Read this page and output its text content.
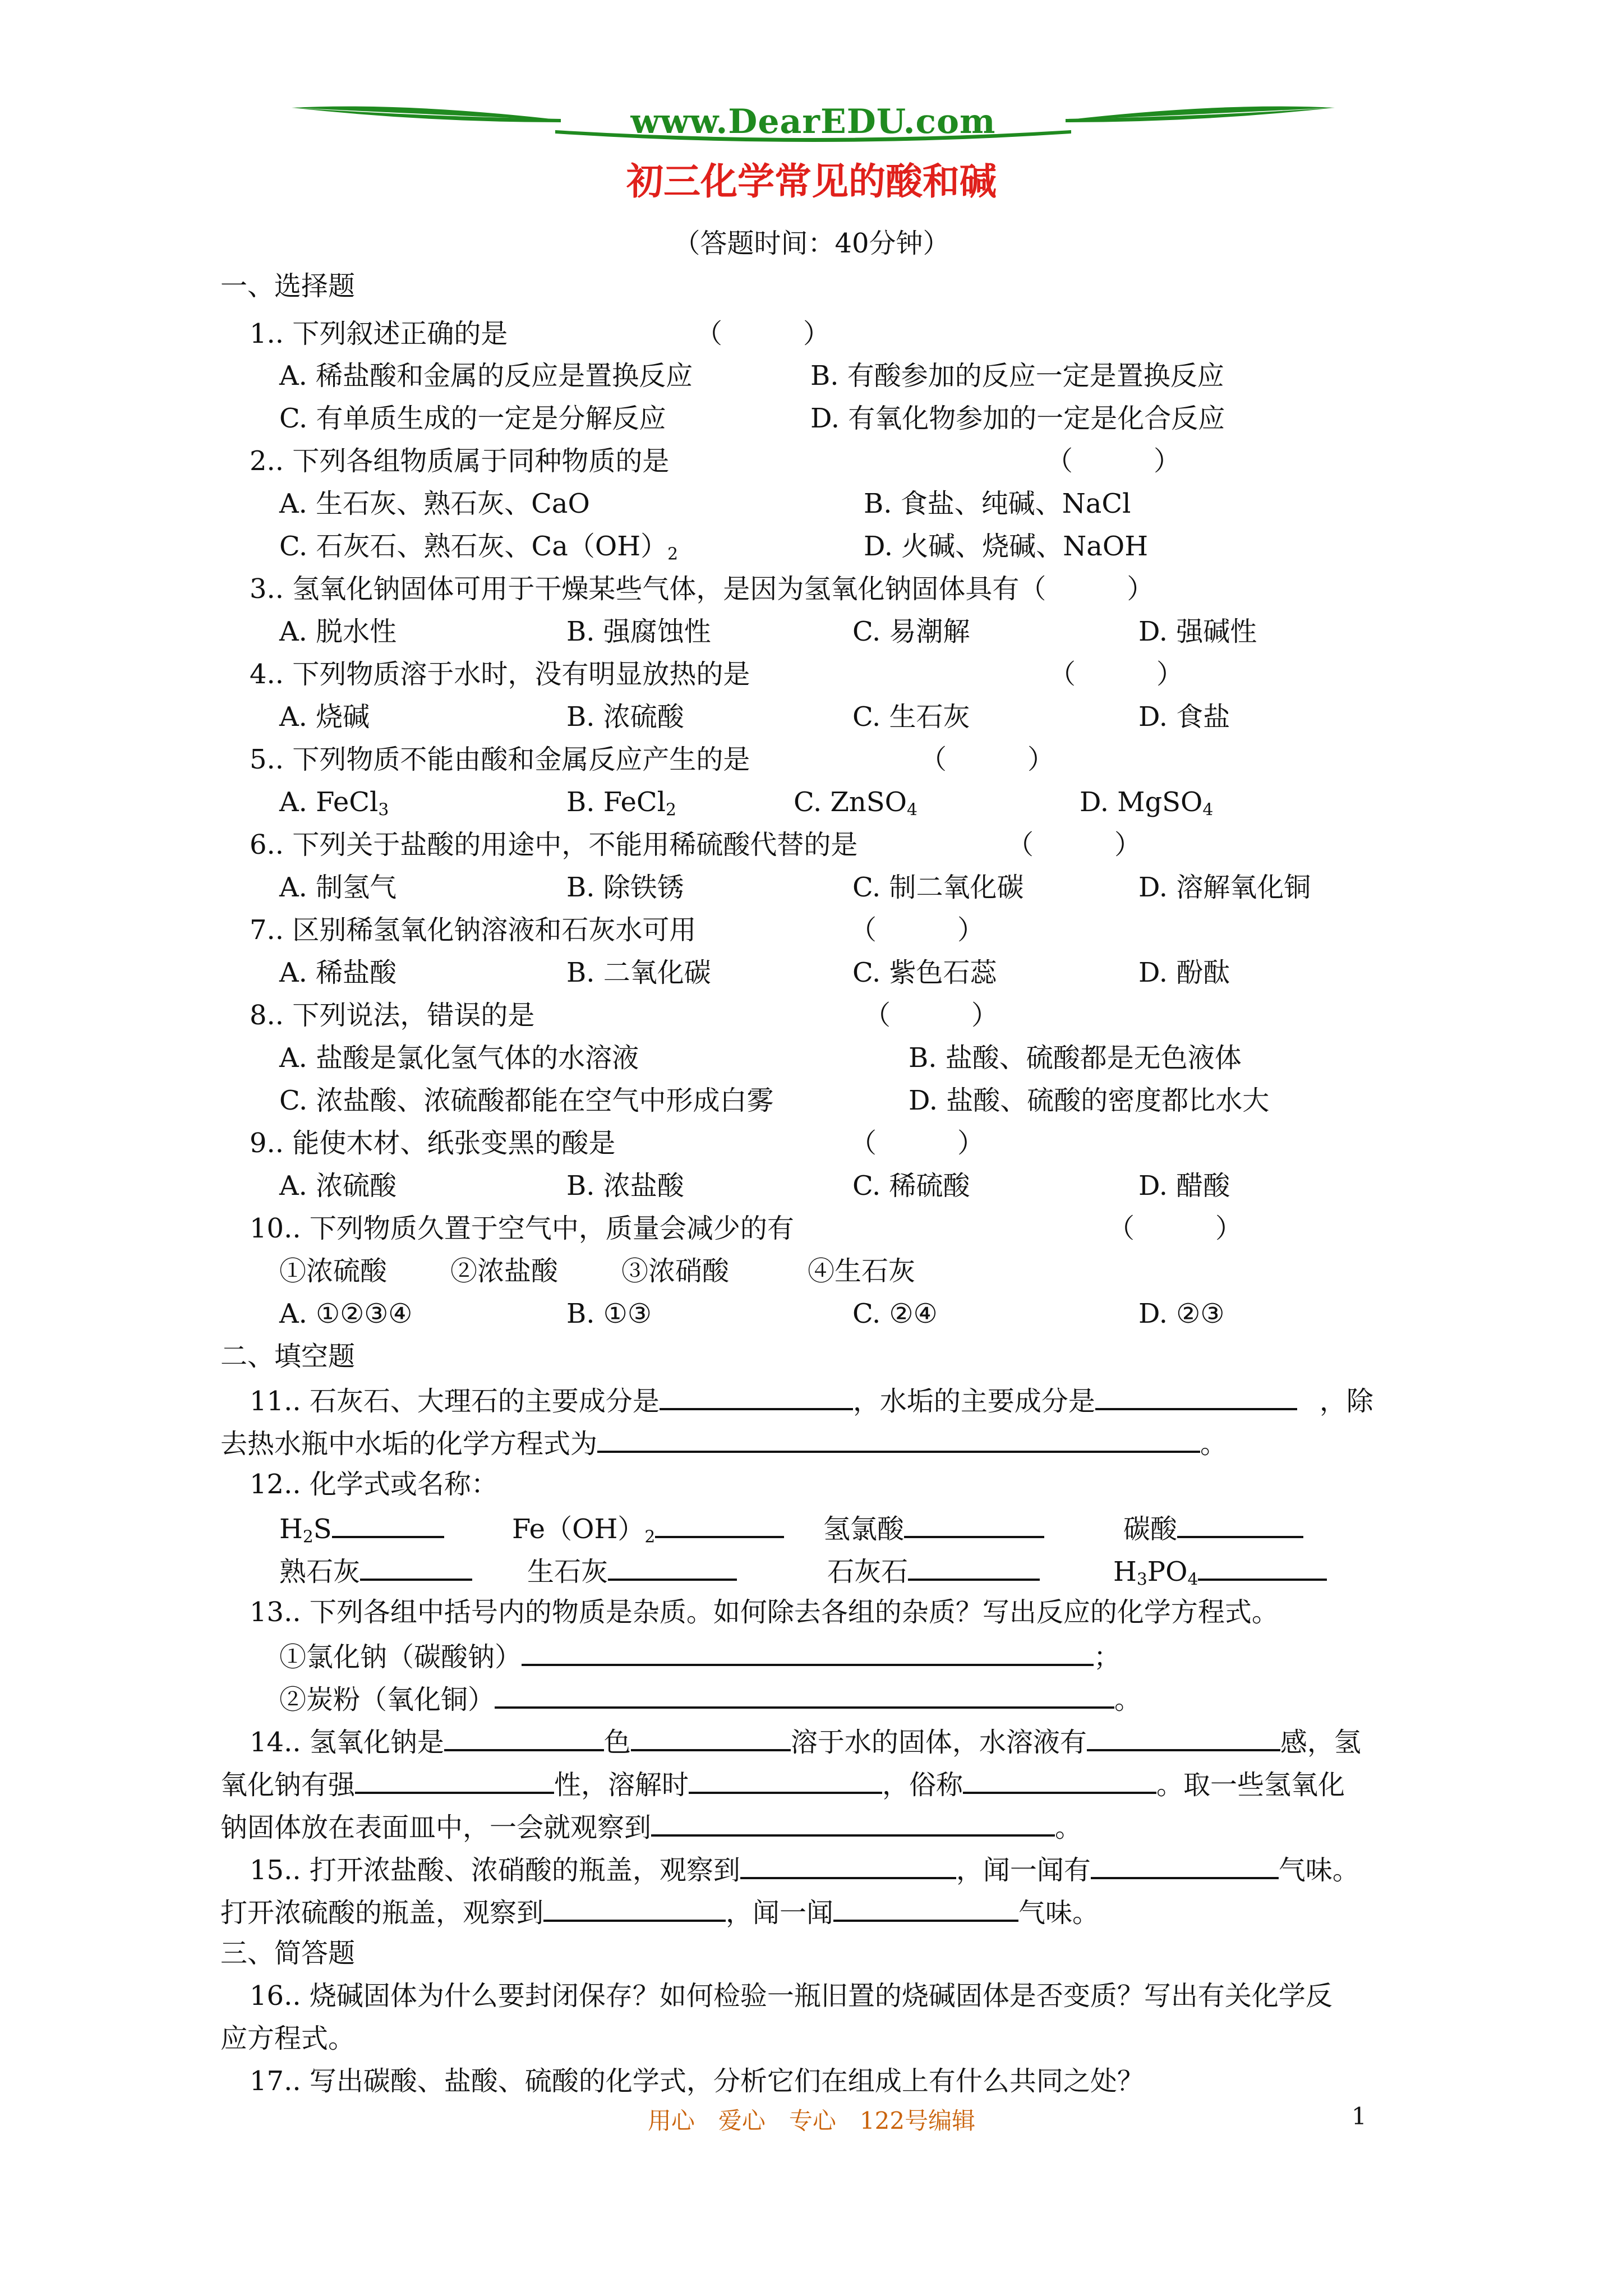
www.DearEDU.com
初三化学常见的酸和碱
（答题时间：40分钟）
一、选择题
1.. 下列叙述正确的是	（　　　）
A. 稀盐酸和金属的反应是置换反应	B. 有酸参加的反应一定是置换反应
C. 有单质生成的一定是分解反应	D. 有氧化物参加的一定是化合反应
2.. 下列各组物质属于同种物质的是	（　　　）
A. 生石灰、熟石灰、CaO	B. 食盐、纯碱、NaCl
C. 石灰石、熟石灰、$Ca(OH)_2$	D. 火碱、烧碱、NaOH
3.. 氢氧化钠固体可用于干燥某些气体，是因为氢氧化钠固体具有（　　　）
A. 脱水性	B. 强腐蚀性	C. 易潮解	D. 强碱性
4.. 下列物质溶于水时，没有明显放热的是	（　　　）
A. 烧碱	B. 浓硫酸	C. 生石灰	D. 食盐
5.. 下列物质不能由酸和金属反应产生的是	（　　　）
A. FeCl$_3$	B. FeCl$_2$	C. ZnSO$_4$	D. MgSO$_4$
6.. 下列关于盐酸的用途中，不能用稀硫酸代替的是	（　　　）
A. 制氢气	B. 除铁锈	C. 制二氧化碳	D. 溶解氧化铜
7.. 区别稀氢氧化钠溶液和石灰水可用	（　　　）
A. 稀盐酸	B. 二氧化碳	C. 紫色石蕊	D. 酚酞
8.. 下列说法，错误的是	（　　　）
A. 盐酸是氯化氢气体的水溶液	B. 盐酸、硫酸都是无色液体
C. 浓盐酸、浓硫酸都能在空气中形成白雾	D. 盐酸、硫酸的密度都比水大
9.. 能使木材、纸张变黑的酸是	（　　　）
A. 浓硫酸	B. 浓盐酸	C. 稀硫酸	D. 醋酸
10.. 下列物质久置于空气中，质量会减少的有	（　　　）
①浓硫酸 ②浓盐酸 ③浓硝酸	④生石灰
A. ①②③④	B. ①③	C. ②④	D. ②③
二、填空题
11.. 石灰石、大理石的主要成分是	，水垢的主要成分是	，除
去热水瓶中水垢的化学方程式为	。
12.. 化学式或名称：
$H_2S$	$Fe(OH)_2$	氢氯酸	碳酸
熟石灰	生石灰	石灰石	$H_3PO_4$
13.. 下列各组中括号内的物质是杂质。如何除去各组的杂质？写出反应的化学方程式。
①氯化钠（碳酸钠）	；
②炭粉（氧化铜）	。
14.. 氢氧化钠是	色	溶于水的固体，水溶液有	感，氢
氧化钠有强	性，溶解时	，俗称	。取一些氢氧化
钠固体放在表面皿中，一会就观察到	。
15.. 打开浓盐酸、浓硝酸的瓶盖，观察到	，闻一闻有	气味。
打开浓硫酸的瓶盖，观察到	，闻一闻	气味。
三、简答题
16.. 烧碱固体为什么要封闭保存？如何检验一瓶旧置的烧碱固体是否变质？写出有关化学反
应方程式。
17.. 写出碳酸、盐酸、硫酸的化学式，分析它们在组成上有什么共同之处？
用心　爱心　专心　122号编辑	1
